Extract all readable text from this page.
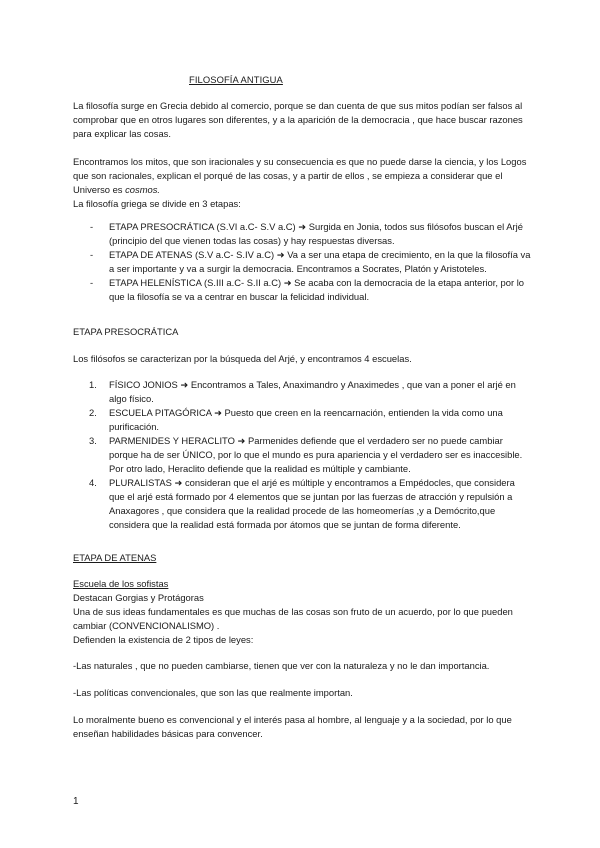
FILOSOFÍA ANTIGUA

La filosofía surge en Grecia debido al comercio, porque se dan cuenta de que sus mitos podían ser falsos al comprobar que en otros lugares son diferentes, y a la aparición de la democracia , que hace buscar razones para explicar las cosas.

Encontramos los mitos, que son iracionales y su consecuencia es que no puede darse la ciencia, y los Logos que son racionales, explican el porqué de las cosas, y a partir de ellos , se empieza a considerar que el Universo es cosmos.

La filosofía griega se divide en 3 etapas:

- ETAPA PRESOCRÁTICA (S.VI a.C- S.V a.C) ➜ Surgida en Jonia, todos sus filósofos buscan el Arjé (principio del que vienen todas las cosas) y hay respuestas diversas.
- ETAPA DE ATENAS (S.V a.C- S.IV a.C) ➜ Va a ser una etapa de crecimiento, en la que la filosofía va a ser importante y va a surgir la democracia. Encontramos a Socrates, Platón y Aristoteles.
- ETAPA HELENÍSTICA (S.III a.C- S.II a.C) ➜ Se acaba con la democracia de la etapa anterior, por lo que la filosofía se va a centrar en buscar la felicidad individual.
ETAPA PRESOCRÁTICA
Los filósofos se caracterizan por la búsqueda del Arjé, y encontramos 4 escuelas.
1. FÍSICO JONIOS ➜ Encontramos a Tales, Anaximandro y Anaximedes , que van a poner el arjé en algo físico.
2. ESCUELA PITAGÓRICA ➜ Puesto que creen en la reencarnación, entienden la vida como una purificación.
3. PARMENIDES Y HERACLITO ➜ Parmenides defiende que el verdadero ser no puede cambiar porque ha de ser ÚNICO, por lo que el mundo es pura apariencia y el verdadero ser es inaccesible. Por otro lado, Heraclito defiende que la realidad es múltiple y cambiante.
4. PLURALISTAS ➜ consideran que el arjé es múltiple y encontramos a Empédocles, que considera que el arjé está formado por 4 elementos que se juntan por las fuerzas de atracción y repulsión a Anaxagores , que considera que la realidad procede de las homeomerías ,y a Demócrito,que considera que la realidad está formada por átomos que se juntan de forma diferente.
ETAPA DE ATENAS

Escuela de los sofistas

Destacan Gorgias y Protágoras

Una de sus ideas fundamentales es que muchas de las cosas son fruto de un acuerdo, por lo que pueden cambiar (CONVENCIONALISMO) .

Defienden la existencia de 2 tipos de leyes:

-Las naturales , que no pueden cambiarse, tienen que ver con la naturaleza y no le dan importancia.
-Las políticas convencionales, que son las que realmente importan.
Lo moralmente bueno es convencional y el interés pasa al hombre, al lenguaje y a la sociedad, por lo que enseñan habilidades básicas para convencer.
1
